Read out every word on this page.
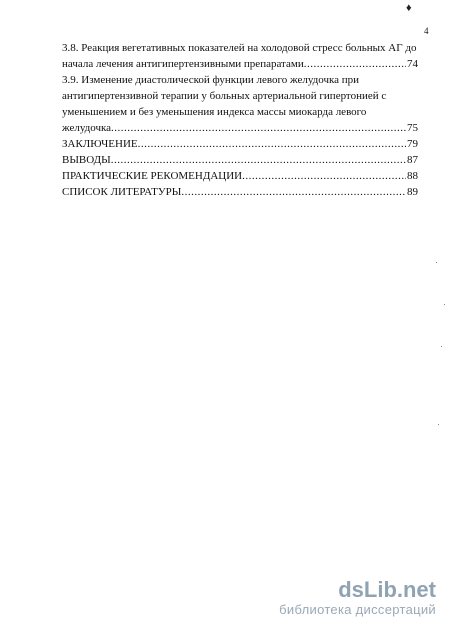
♦
4
3.8. Реакция вегетативных показателей на холодовой стресс больных АГ до
начала лечения антигипертензивными препаратами .....	74
3.9. Изменение диастолической функции левого желудочка при
антигипертензивной терапии у больных артериальной гипертонией с
уменьшением и без уменьшения индекса массы миокарда левого
желудочка .....	75
ЗАКЛЮЧЕНИЕ .....	79
ВЫВОДЫ .....	87
ПРАКТИЧЕСКИЕ РЕКОМЕНДАЦИИ .....	88
СПИСОК ЛИТЕРАТУРЫ .....	89
dsLib.net
библиотека диссертаций
